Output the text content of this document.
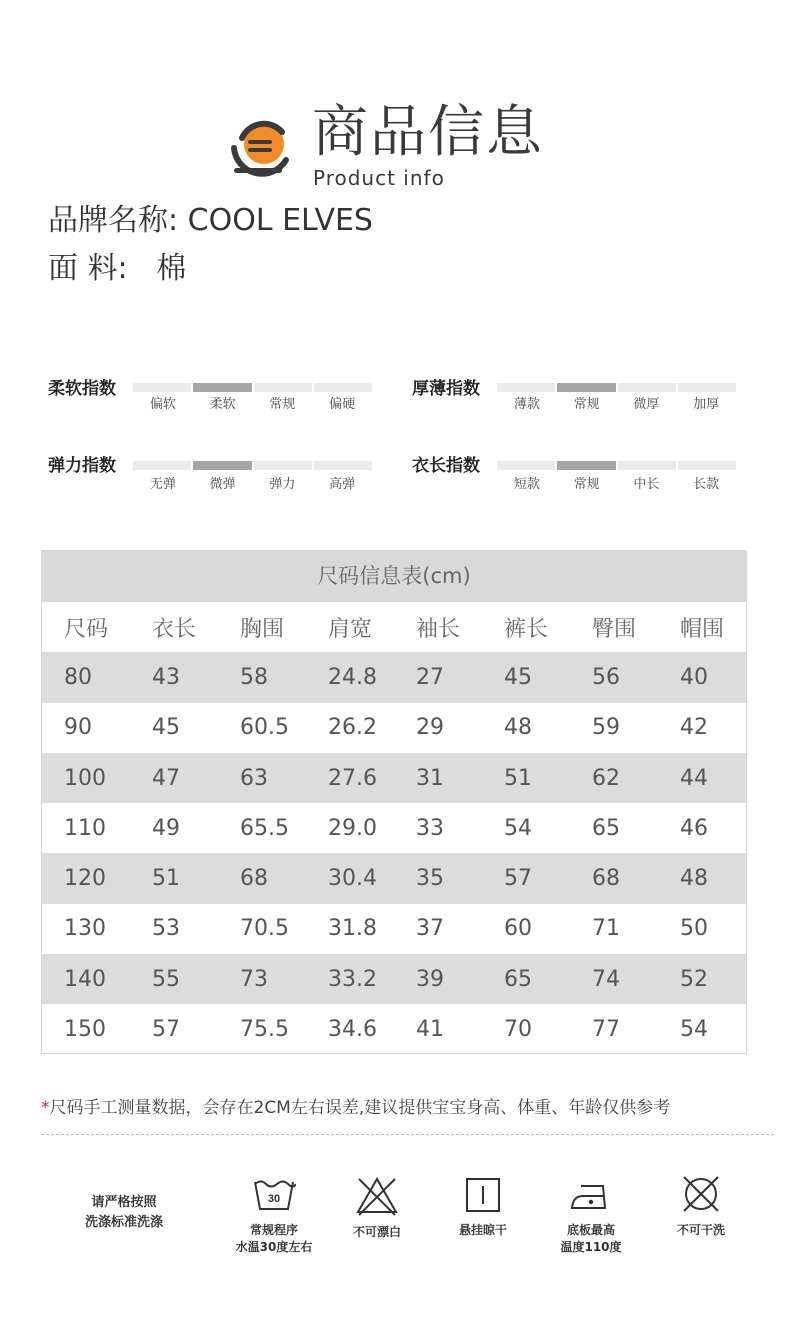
商品信息
Product info
品牌名称: COOL ELVES
面 料: 棉
柔软指数
偏软	柔软	常规	偏硬
厚薄指数
薄款	常规	微厚	加厚
弹力指数
无弹	微弹	弹力	高弹
衣长指数
短款	常规	中长	长款
尺码信息表(cm)
尺码	衣长	胸围	肩宽	袖长	裤长	臀围	帽围
80	43	58	24.8	27	45	56	40
90	45	60.5	26.2	29	48	59	42
100	47	63	27.6	31	51	62	44
110	49	65.5	29.0	33	54	65	46
120	51	68	30.4	35	57	68	48
130	53	70.5	31.8	37	60	71	50
140	55	73	33.2	39	65	74	52
150	57	75.5	34.6	41	70	77	54
*尺码手工测量数据，会存在2CM左右误差,建议提供宝宝身高、体重、年龄仅供参考
请严格按照
洗涤标准洗涤
30
常规程序
水温30度左右
不可漂白	悬挂晾干	底板最高
温度110度
不可干洗
